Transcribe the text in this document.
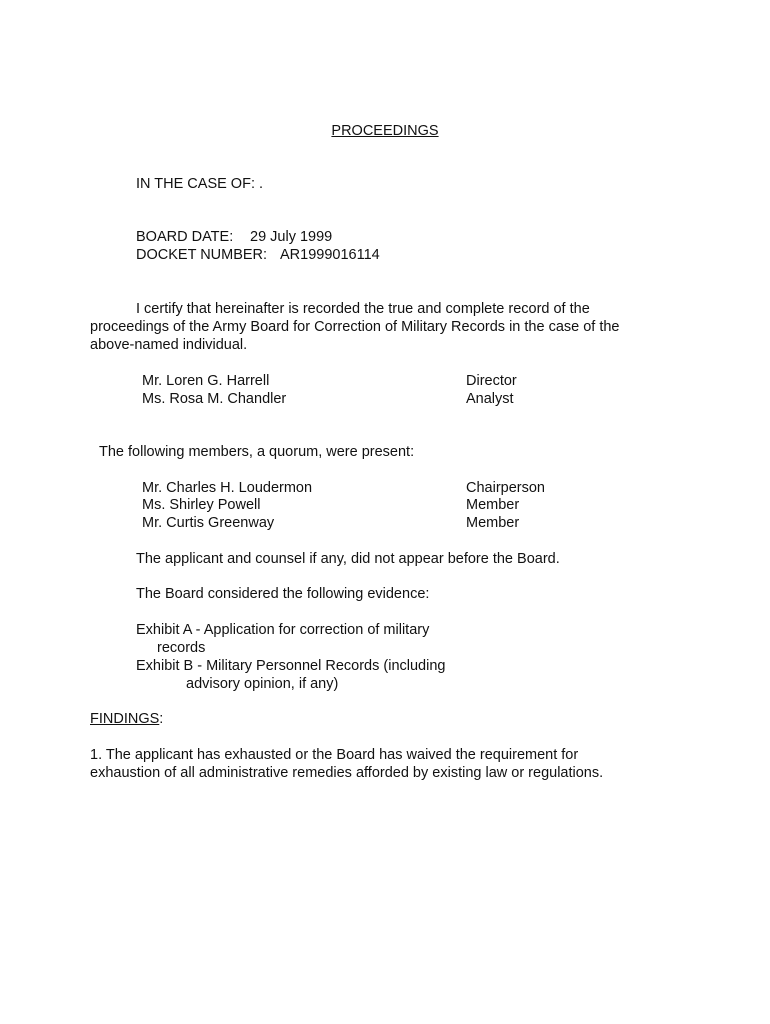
PROCEEDINGS
IN THE CASE OF: .
BOARD DATE: 29 July 1999
DOCKET NUMBER: AR1999016114
I certify that hereinafter is recorded the true and complete record of the
proceedings of the Army Board for Correction of Military Records in the case of the
above-named individual.
Mr. Loren G. Harrell	Director
Ms. Rosa M. Chandler	Analyst
The following members, a quorum, were present:
Mr. Charles H. Loudermon	Chairperson
Ms. Shirley Powell	Member
Mr. Curtis Greenway	Member
The applicant and counsel if any, did not appear before the Board.
The Board considered the following evidence:
Exhibit A - Application for correction of military
records
Exhibit B - Military Personnel Records (including
advisory opinion, if any)
FINDINGS:
1. The applicant has exhausted or the Board has waived the requirement for
exhaustion of all administrative remedies afforded by existing law or regulations.
